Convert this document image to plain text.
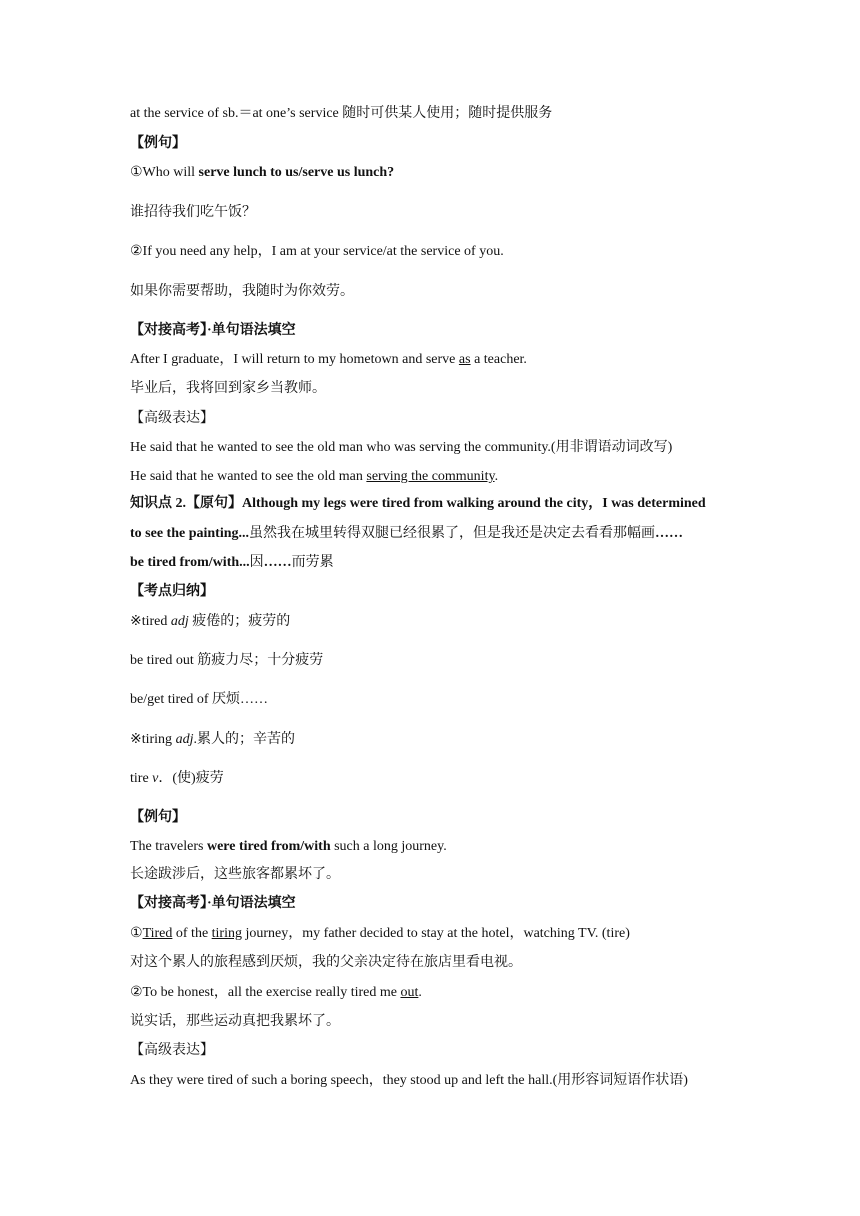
at the service of sb.＝at one’s service 随时可供某人使用；随时提供服务
【例句】
①Who will serve lunch to us/serve us lunch?
谁招待我们吃午饭？
②If you need any help，I am at your service/at the service of you.
如果你需要帮助，我随时为你效劳。
【对接高考】·单句语法填空
After I graduate，I will return to my hometown and serve as a teacher.
毕业后，我将回到家乡当教师。
【高级表达】
He said that he wanted to see the old man who was serving the community.(用非谓语动词改写)
He said that he wanted to see the old man serving the community.
知识点 2.【原句】Although my legs were tired from walking around the city，I was determined
to see the painting...虽然我在城里转得双腿已经很累了，但是我还是决定去看看那幅画……
be tired from/with...因……而劳累
【考点归纳】
※tired adj 疲倦的；疲劳的
be tired out 筋疲力尽；十分疲劳
be/get tired of 厌烦……
※tiring adj.累人的；辛苦的
tire v．(使)疲劳
【例句】
The travelers were tired from/with such a long journey.
长途跋涉后，这些旅客都累坏了。
【对接高考】·单句语法填空
①Tired of the tiring journey，my father decided to stay at the hotel，watching TV. (tire)
对这个累人的旅程感到厌烦，我的父亲决定待在旅店里看电视。
②To be honest，all the exercise really tired me out.
说实话，那些运动真把我累坏了。
【高级表达】
As they were tired of such a boring speech，they stood up and left the hall.(用形容词短语作状语)
